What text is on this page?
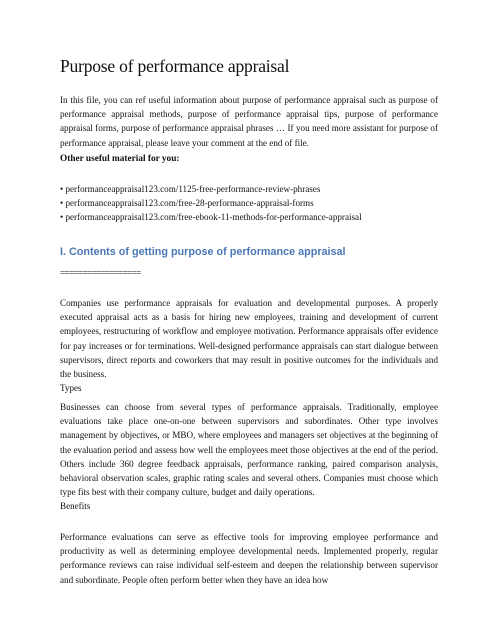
Purpose of performance appraisal

In this file, you can ref useful information about purpose of performance appraisal such as purpose of performance appraisal methods, purpose of performance appraisal tips, purpose of performance appraisal forms, purpose of performance appraisal phrases … If you need more assistant for purpose of performance appraisal, please leave your comment at the end of file.

Other useful material for you:

• performanceappraisal123.com/1125-free-performance-review-phrases
• performanceappraisal123.com/free-28-performance-appraisal-forms
• performanceappraisal123.com/free-ebook-11-methods-for-performance-appraisal
I. Contents of getting purpose of performance appraisal

==================

Companies use performance appraisals for evaluation and developmental purposes. A properly executed appraisal acts as a basis for hiring new employees, training and development of current employees, restructuring of workflow and employee motivation. Performance appraisals offer evidence for pay increases or for terminations. Well-designed performance appraisals can start dialogue between supervisors, direct reports and coworkers that may result in positive outcomes for the individuals and the business.
Types
Businesses can choose from several types of performance appraisals. Traditionally, employee evaluations take place one-on-one between supervisors and subordinates. Other type involves management by objectives, or MBO, where employees and managers set objectives at the beginning of the evaluation period and assess how well the employees meet those objectives at the end of the period. Others include 360 degree feedback appraisals, performance ranking, paired comparison analysis, behavioral observation scales, graphic rating scales and several others. Companies must choose which type fits best with their company culture, budget and daily operations.
Benefits

Performance evaluations can serve as effective tools for improving employee performance and productivity as well as determining employee developmental needs. Implemented properly, regular performance reviews can raise individual self-esteem and deepen the relationship between supervisor and subordinate. People often perform better when they have an idea how
